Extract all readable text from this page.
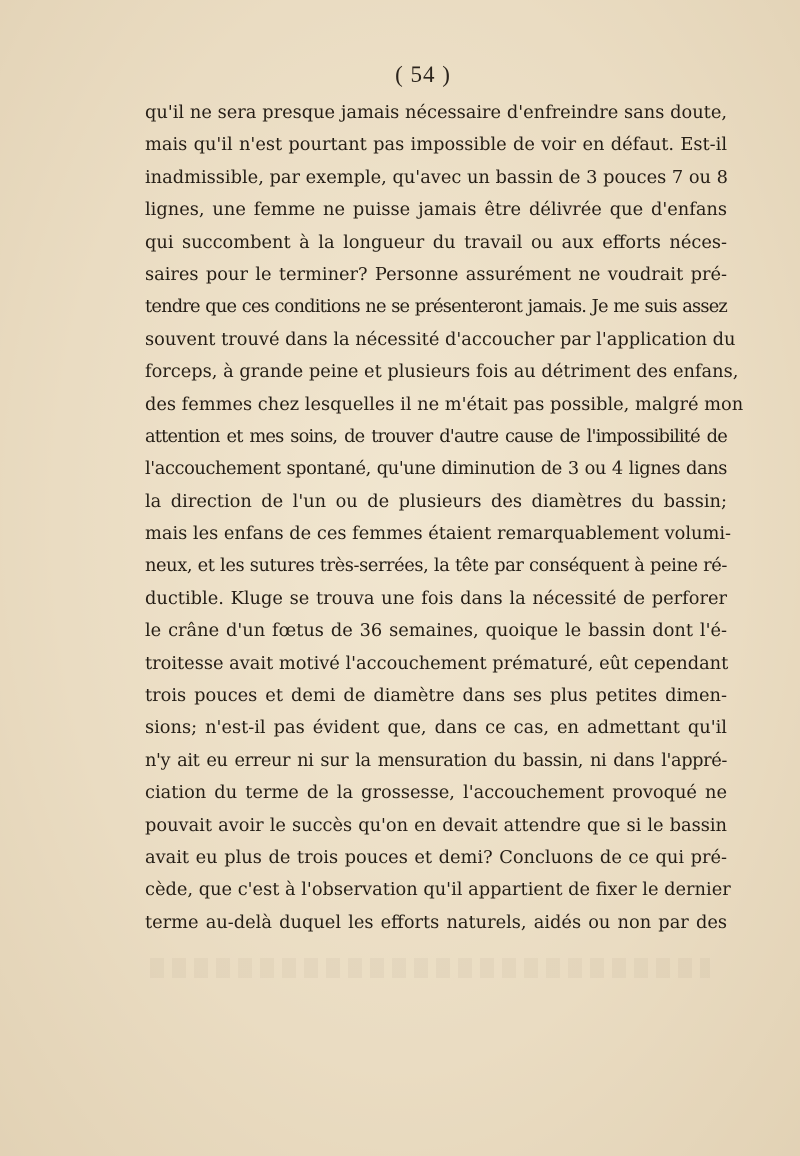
( 54 )
qu'il ne sera presque jamais nécessaire d'enfreindre sans doute,
mais qu'il n'est pourtant pas impossible de voir en défaut. Est-il
inadmissible, par exemple, qu'avec un bassin de 3 pouces 7 ou 8
lignes, une femme ne puisse jamais être délivrée que d'enfans
qui succombent à la longueur du travail ou aux efforts néces-
saires pour le terminer? Personne assurément ne voudrait pré-
tendre que ces conditions ne se présenteront jamais. Je me suis assez
souvent trouvé dans la nécessité d'accoucher par l'application du
forceps, à grande peine et plusieurs fois au détriment des enfans,
des femmes chez lesquelles il ne m'était pas possible, malgré mon
attention et mes soins, de trouver d'autre cause de l'impossibilité de
l'accouchement spontané, qu'une diminution de 3 ou 4 lignes dans
la direction de l'un ou de plusieurs des diamètres du bassin;
mais les enfans de ces femmes étaient remarquablement volumi-
neux, et les sutures très-serrées, la tête par conséquent à peine ré-
ductible. Kluge se trouva une fois dans la nécessité de perforer
le crâne d'un fœtus de 36 semaines, quoique le bassin dont l'é-
troitesse avait motivé l'accouchement prématuré, eût cependant
trois pouces et demi de diamètre dans ses plus petites dimen-
sions; n'est-il pas évident que, dans ce cas, en admettant qu'il
n'y ait eu erreur ni sur la mensuration du bassin, ni dans l'appré-
ciation du terme de la grossesse, l'accouchement provoqué ne
pouvait avoir le succès qu'on en devait attendre que si le bassin
avait eu plus de trois pouces et demi? Concluons de ce qui pré-
cède, que c'est à l'observation qu'il appartient de fixer le dernier
terme au-delà duquel les efforts naturels, aidés ou non par des
